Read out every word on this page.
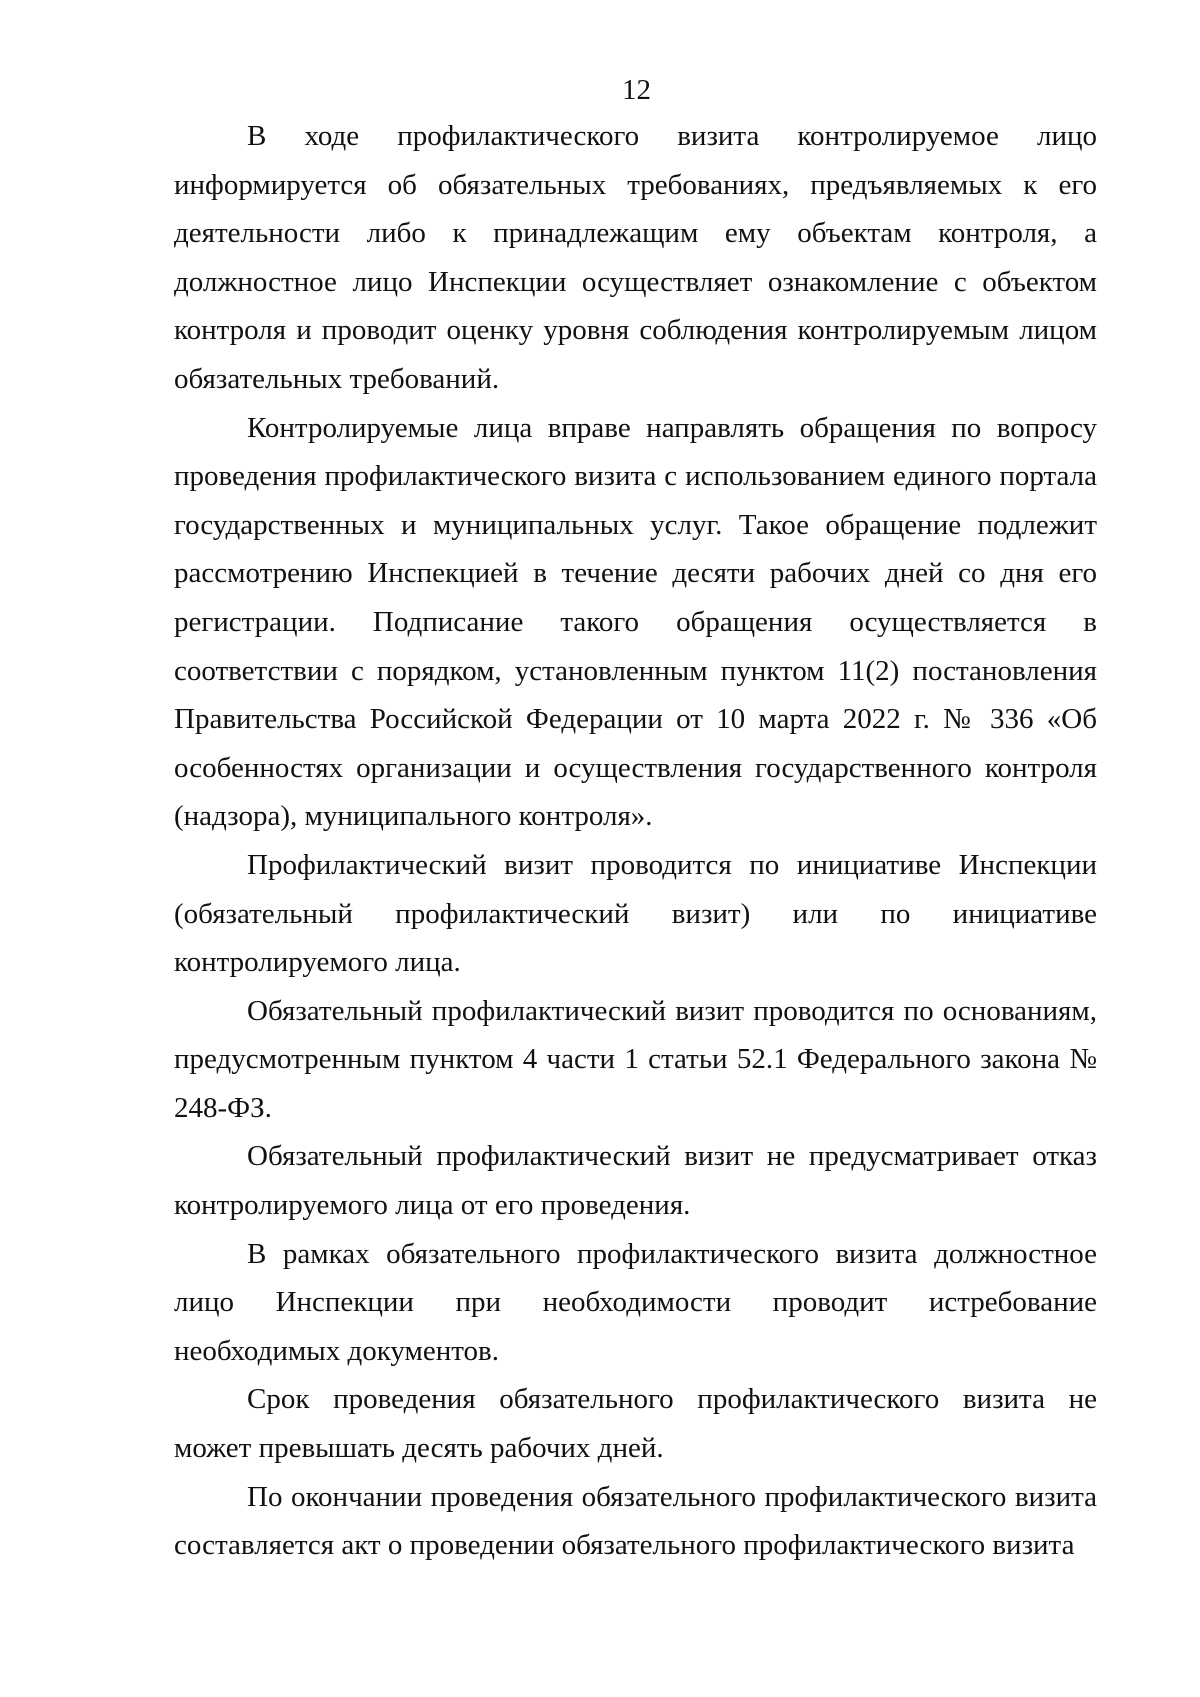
12

В ходе профилактического визита контролируемое лицо информируется об обязательных требованиях, предъявляемых к его деятельности либо к принадлежащим ему объектам контроля, а должностное лицо Инспекции осуществляет ознакомление с объектом контроля и проводит оценку уровня соблюдения контролируемым лицом обязательных требований.

Контролируемые лица вправе направлять обращения по вопросу проведения профилактического визита с использованием единого портала государственных и муниципальных услуг. Такое обращение подлежит рассмотрению Инспекцией в течение десяти рабочих дней со дня его регистрации. Подписание такого обращения осуществляется в соответствии с порядком, установленным пунктом 11(2) постановления Правительства Российской Федерации от 10 марта 2022 г. № 336 «Об особенностях организации и осуществления государственного контроля (надзора), муниципального контроля».

Профилактический визит проводится по инициативе Инспекции (обязательный профилактический визит) или по инициативе контролируемого лица.

Обязательный профилактический визит проводится по основаниям, предусмотренным пунктом 4 части 1 статьи 52.1 Федерального закона № 248-ФЗ.

Обязательный профилактический визит не предусматривает отказ контролируемого лица от его проведения.

В рамках обязательного профилактического визита должностное лицо Инспекции при необходимости проводит истребование необходимых документов.

Срок проведения обязательного профилактического визита не может превышать десять рабочих дней.

По окончании проведения обязательного профилактического визита составляется акт о проведении обязательного профилактического визита
